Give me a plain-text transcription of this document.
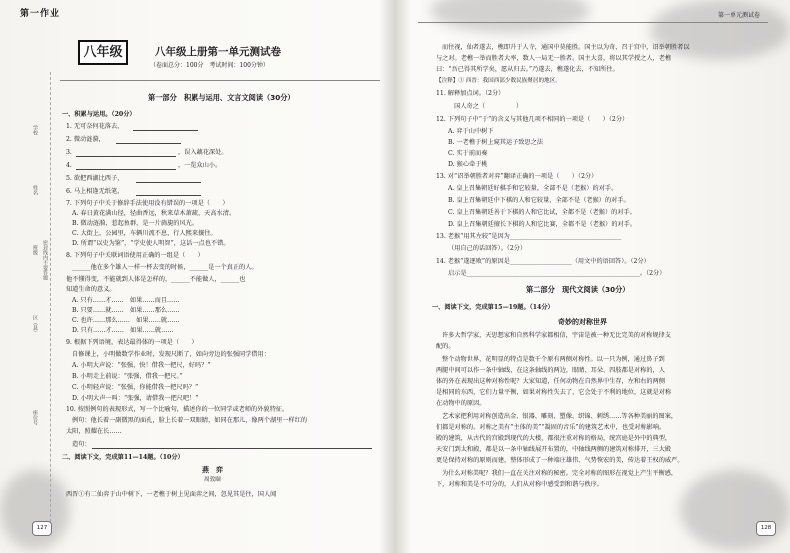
第一作业
学校
姓名
班级
区（县）
密封线内不要答题
座位号
八年级	八年级上册第一单元测试卷
（卷面总分：100分　考试时间：100分钟）
第一部分　积累与运用、文言文阅读（30分）
一、积累与运用。（20分）
1. 无可奈何花落去，
2. 微动涟漪，
3.	，误入藕花深处。
4.	，一览众山小。
5. 欲把西湖比西子，
6. 马上相逢无纸笔，
7. 下列句子中关于修辞手法使用没有错误的一项是（　　）
A. 春日黄花满山径，径曲香远，秋来草木萧疏，天高水清。
B. 微动涟漪，惹起鱼群，是一片旖旎的风光。
C. 大街上，公园里，车辆川流不息，行人熙来攘往。
D. 所谓“以史为鉴”，“学史使人明智”，这话一点也不错。
8. 下列句子中关联词语使用正确的一组是（　　）
______他在多个雄人一样一杯去变的时候，______是一个真正的人。
他不懂得变，不能就到人体是怎样的，______不能做人，______也
知道生命的意义。
A. 只有……才……　如果……而且……
B. 只要……就……　如果……那么……
C. 也许……那么……　如果……就……
D. 只有……才……　如果……就……
9. 根据下列语境，表达最得体的一项是（　　）
自修课上，小明做数学作业时，发现尺断了，如向旁边的张强同学借用：
A. 小明大声说：“张强，快！借我一把尺，好吗？”
B. 小明走上前说：“张强，借我一把尺。”
C. 小明轻声说：“张强，你能借我一把尺吗？”
D. 小明大声一叫：“张强，请借我一把尺吧！”
10. 按照例句的表现形式，写一个比喻句，描述你的一位同学或老师的外貌特征。
例句：他长着一副微黑的面孔，脸上长着一双眼睛，如同在那儿，像两个湖里一样红的
太阳，照耀在长……
造句：
二、阅读下文，完成第11—14题。（10分）
燕　弈
周敦颐
西晋①有二仙弈于山中树下，一老樵于树上见面弈之间，忽见其是往，国人闻
127
第一单元测试卷
而往视，仙者遂去，樵即升于人寺，通国中莫能胜。国主以为奇，召于宫中，诏举朝胜者以
与之对。老樵一举而胜者大率，数人一局无一胜者。国主大喜，将以其学授之人，老樵
曰：“吾已得其所学矣，愿从归去。”乃遂去，樵遂化去，不知所往。
【注释】① 西晋：我国西部少数民族聚居的地区。
11. 解释加点词。（2分）
　国人奇之（　　　　　）
12. 下列句子中“于”的含义与其他几项不相同的一项是（　　）（2分）
A. 弈于山中树下
B. 一老樵于树上窥其运子致思之法
C. 实于前而奏
D. 猴心牵于桃
13. 对“诏举朝胜者对弈”翻译正确的一项是（　　）（2分）
A. 皇上召集朝廷好棋手和它较量，全部不是（老猴）的对手。
B. 皇上召集朝廷中下棋的人和它较量，全部不是（老猴）的对手。
C. 皇上召集朝廷善于下棋的人和它比试，全都不是（老猴）的对手。
D. 皇上召集朝廷擅长下棋的人和它比赛，全都不是（老猴）的对手。
13. 老猴“用其左较”是因为____________________________________
（用自己的话回答）。（2分）
14. 老猴“遂逐败”的原因是____________________（用文中的语回答）。（2分）
启示是________________________________________________________。（2分）
第二部分　现代文阅读（30分）
一、阅读下文，完成第15—19题。（14分）
奇妙的对称世界
许多大哲学家、天思想家和自然科学家都相信，宇宙是被一种无比完美的对称规律支
配的。
整个动物世界，花明显的特点是数千个原有两侧对称性。以一只为例，通过鼻子到
两腿中间可以作一条中轴线，在这条轴线的两边，眼睛、耳朵、四肢都是对称的，人
体的外在表现出这种对称性呢？大家知道，任何动物在自然界中生存，左和右的两侧
是相同的东西，它们力量平衡，如果对称性失去了，它会处于不利的地位，这就是对称
在动物中的原因。
艺术家把利用对称创造出金、银器、雕刻、塑像、织锦、刺绣……等各种美丽的图案，
们都是对称的。对称之美有“主体的美”“凝固的音乐”的建筑艺术中，也受对称影响。
殿的建筑，从古代的宫殿到现代的大楼，都很注重对称的格局，统宫庭是外中的典型，
天安门到太和殿，都是以一条中轴线展开布置的，中轴线两侧的建筑对称排开，三大殿
更是保持对称的原则而建，整体形成了一种端庄雄伟、气势恢宏的美，传达着王权的威严。
为什么对称美呢？我们一直在关注对称的秘密。完全对称的图形在视觉上产生平衡感，
下，对称和美是不可分的，人们从对称中感受到和谐与秩序。
128
